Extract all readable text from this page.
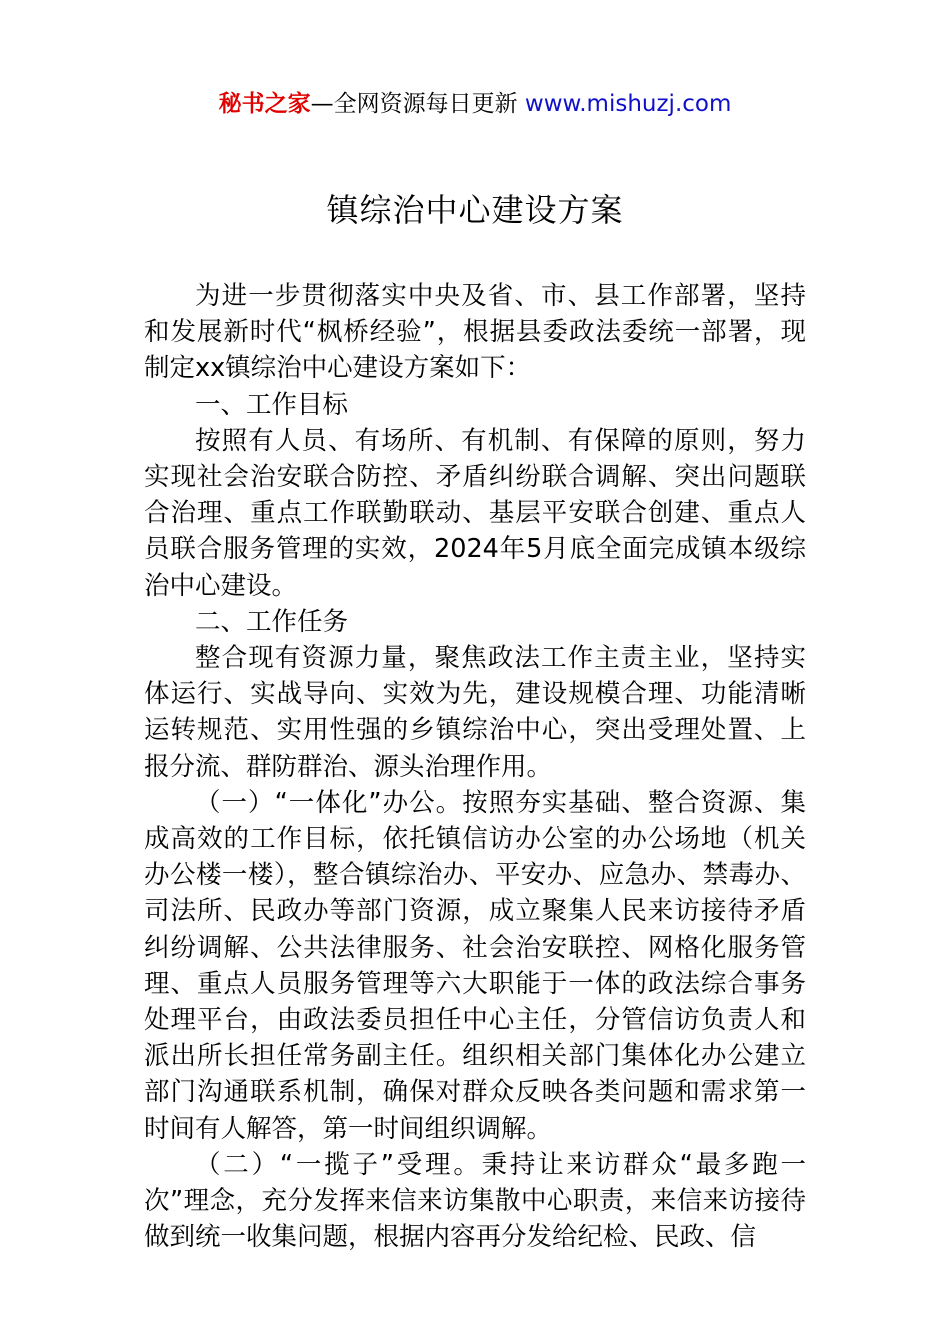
秘书之家—全网资源每日更新 www.mishuzj.com
镇综治中心建设方案

为进一步贯彻落实中央及省、市、县工作部署，坚持和发展新时代“枫桥经验”，根据县委政法委统一部署，现制定xx镇综治中心建设方案如下：

一、工作目标

按照有人员、有场所、有机制、有保障的原则，努力实现社会治安联合防控、矛盾纠纷联合调解、突出问题联合治理、重点工作联勤联动、基层平安联合创建、重点人员联合服务管理的实效，2024年5月底全面完成镇本级综治中心建设。

二、工作任务

整合现有资源力量，聚焦政法工作主责主业，坚持实体运行、实战导向、实效为先，建设规模合理、功能清晰运转规范、实用性强的乡镇综治中心，突出受理处置、上报分流、群防群治、源头治理作用。

（一）“一体化”办公。按照夯实基础、整合资源、集成高效的工作目标，依托镇信访办公室的办公场地（机关办公楼一楼），整合镇综治办、平安办、应急办、禁毒办、司法所、民政办等部门资源，成立聚集人民来访接待矛盾纠纷调解、公共法律服务、社会治安联控、网格化服务管理、重点人员服务管理等六大职能于一体的政法综合事务处理平台，由政法委员担任中心主任，分管信访负责人和派出所长担任常务副主任。组织相关部门集体化办公建立部门沟通联系机制，确保对群众反映各类问题和需求第一时间有人解答，第一时间组织调解。

（二）“一揽子”受理。秉持让来访群众“最多跑一次”理念，充分发挥来信来访集散中心职责，来信来访接待做到统一收集问题，根据内容再分发给纪检、民政、信
